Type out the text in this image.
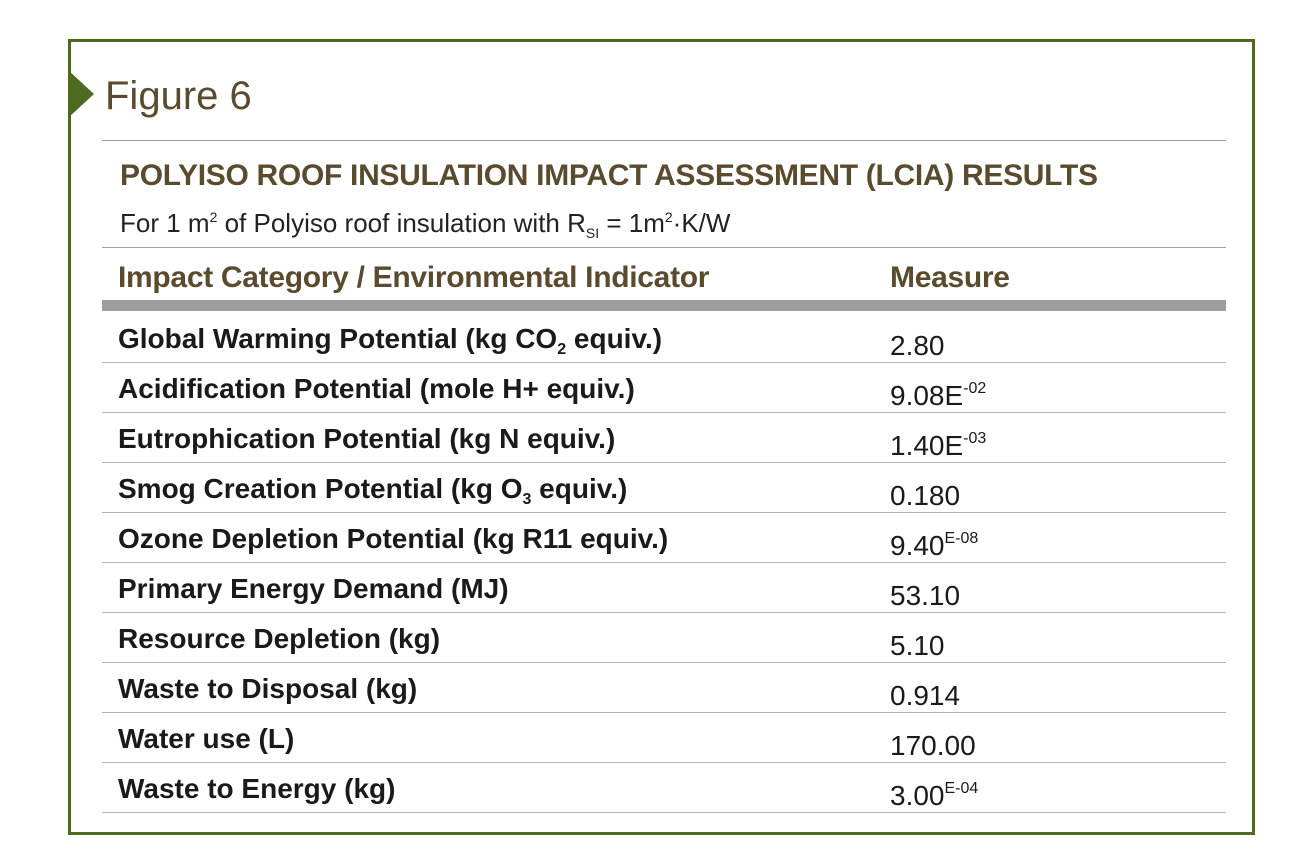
Figure 6
POLYISO ROOF INSULATION IMPACT ASSESSMENT (LCIA) RESULTS

For 1 $m^2$ of Polyiso roof insulation with $R_{SI} = 1m^2\cdot K/W$

Impact Category / Environmental Indicator	Measure
Global Warming Potential (kg $CO_2$ equiv.)	2.80
Acidification Potential (mole H+ equiv.)	$9.08E^{-02}$
Eutrophication Potential (kg N equiv.)	$1.40E^{-03}$
Smog Creation Potential (kg $O_3$ equiv.)	0.180
Ozone Depletion Potential (kg R11 equiv.)	$9.40^{E-08}$
Primary Energy Demand (MJ)	53.10
Resource Depletion (kg)	5.10
Waste to Disposal (kg)	0.914
Water use (L)	170.00
Waste to Energy (kg)	$3.00^{E-04}$
